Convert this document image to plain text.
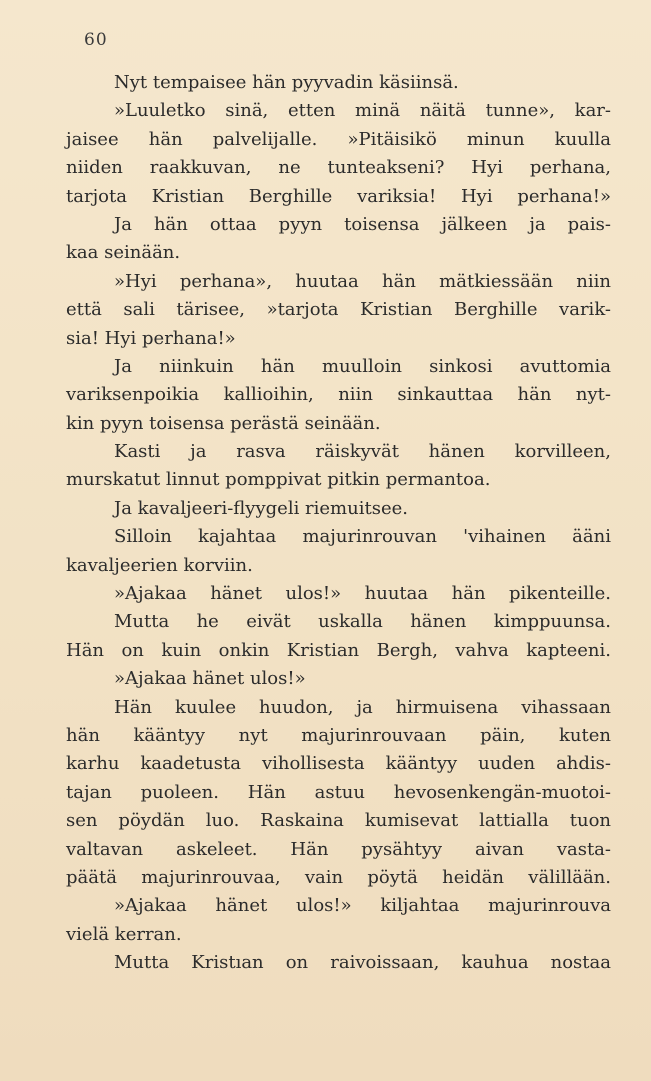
60
Nyt tempaisee hän pyyvadin käsiinsä.
»Luuletko sinä, etten minä näitä tunne», kar-
jaisee hän palvelijalle. »Pitäisikö minun kuulla
niiden raakkuvan, ne tunteakseni? Hyi perhana,
tarjota Kristian Berghille variksia! Hyi perhana!»
Ja hän ottaa pyyn toisensa jälkeen ja pais-
kaa seinään.
»Hyi perhana», huutaa hän mätkiessään niin
että sali tärisee, »tarjota Kristian Berghille varik-
sia! Hyi perhana!»
Ja niinkuin hän muulloin sinkosi avuttomia
variksenpoikia kallioihin, niin sinkauttaa hän nyt-
kin pyyn toisensa perästä seinään.
Kasti ja rasva räiskyvät hänen korvilleen,
murskatut linnut pomppivat pitkin permantoa.
Ja kavaljeeri-flyygeli riemuitsee.
Silloin kajahtaa majurinrouvan 'vihainen ääni
kavaljeerien korviin.
»Ajakaa hänet ulos!» huutaa hän pikenteille.
Mutta he eivät uskalla hänen kimppuunsa.
Hän on kuin onkin Kristian Bergh, vahva kapteeni.
»Ajakaa hänet ulos!»
Hän kuulee huudon, ja hirmuisena vihassaan
hän kääntyy nyt majurinrouvaan päin, kuten
karhu kaadetusta vihollisesta kääntyy uuden ahdis-
tajan puoleen. Hän astuu hevosenkengän-muotoi-
sen pöydän luo. Raskaina kumisevat lattialla tuon
valtavan askeleet. Hän pysähtyy aivan vasta-
päätä majurinrouvaa, vain pöytä heidän välillään.
»Ajakaa hänet ulos!» kiljahtaa majurinrouva
vielä kerran.
Mutta Kristıan on raivoissaan, kauhua nostaa
